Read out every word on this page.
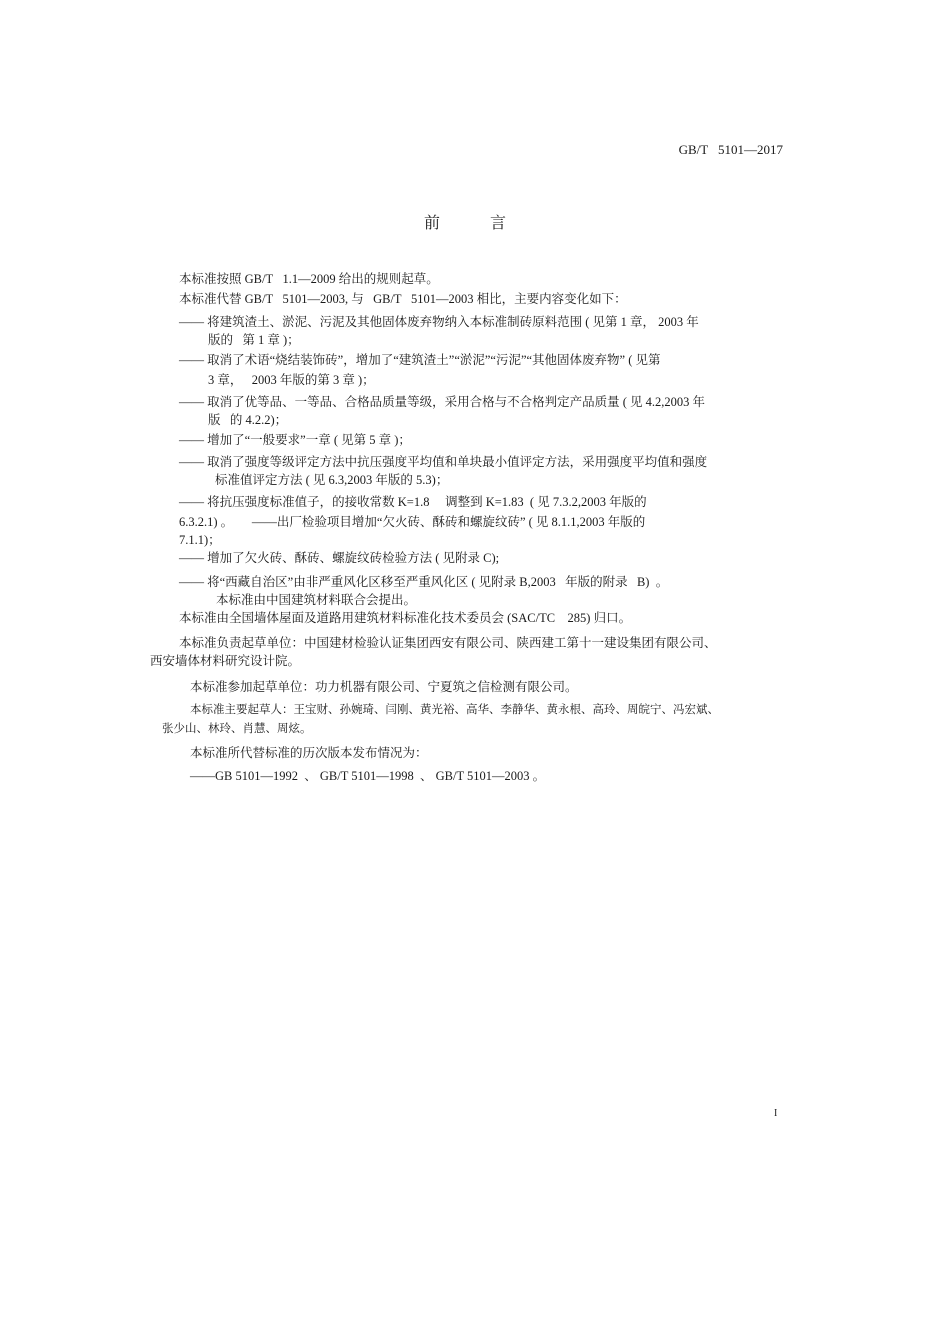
GB/T   5101—2017
前	言
本标准按照 GB/T   1.1—2009 给出的规则起草。
本标准代替 GB/T   5101—2003, 与   GB/T   5101—2003 相比，主要内容变化如下：
—— 将建筑渣土、淤泥、污泥及其他固体废弃物纳入本标准制砖原料范围 ( 见第 1 章， 2003 年
版的   第 1 章 )；
—— 取消了术语“烧结装饰砖”，增加了“建筑渣土”“淤泥”“污泥”“其他固体废弃物” ( 见第
3 章，   2003 年版的第 3 章 )；
—— 取消了优等品、一等品、合格品质量等级，采用合格与不合格判定产品质量 ( 见 4.2,2003 年
版   的 4.2.2)；
—— 增加了“一般要求”一章 ( 见第 5 章 )；
—— 取消了强度等级评定方法中抗压强度平均值和单块最小值评定方法，采用强度平均值和强度
标准值评定方法 ( 见 6.3,2003 年版的 5.3)；
—— 将抗压强度标准值子，的接收常数 K=1.8     调整到 K=1.83  ( 见 7.3.2,2003 年版的
6.3.2.1) 。      ——出厂检验项目增加“欠火砖、酥砖和螺旋纹砖” ( 见 8.1.1,2003 年版的
7.1.1)；
—— 增加了欠火砖、酥砖、螺旋纹砖检验方法 ( 见附录 C);
—— 将“西藏自治区”由非严重风化区移至严重风化区 ( 见附录 B,2003   年版的附录   B)  。
本标准由中国建筑材料联合会提出。
本标准由全国墙体屋面及道路用建筑材料标准化技术委员会 (SAC/TC    285) 归口。
本标准负责起草单位：中国建材检验认证集团西安有限公司、陕西建工第十一建设集团有限公司、
西安墙体材料研究设计院。
本标准参加起草单位：功力机器有限公司、宁夏筑之信检测有限公司。
本标准主要起草人：王宝财、孙婉琦、闫刚、黄光裕、高华、李静华、黄永根、高玲、周皖宁、冯宏斌、
张少山、林玲、肖慧、周炫。
本标准所代替标准的历次版本发布情况为：
——GB 5101—1992  、 GB/T 5101—1998  、 GB/T 5101—2003 。
I
